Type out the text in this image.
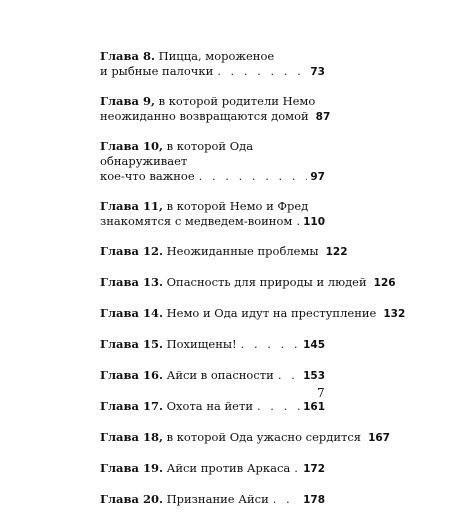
Глава 8. Пицца, мороженое
и рыбные палочки . . .	73
Глава 9, в которой родители Немо
неожиданно возвращаются домой 87
Глава 10, в которой Ода обнаруживает
кое-что важное . . .	97
Глава 11, в которой Немо и Фред
знакомятся с медведем-воином . . . 110
Глава 12. Неожиданные проблемы 122
Глава 13. Опасность для природы и людей 126
Глава 14. Немо и Ода идут на преступление 132
Глава 15. Похищены! . . .	145
Глава 16. Айси в опасности . . .	153
Глава 17. Охота на йети . . .	161
Глава 18, в которой Ода ужасно сердится 167
Глава 19. Айси против Аркаса . . . 172
Глава 20. Признание Айси . . .	178
7
